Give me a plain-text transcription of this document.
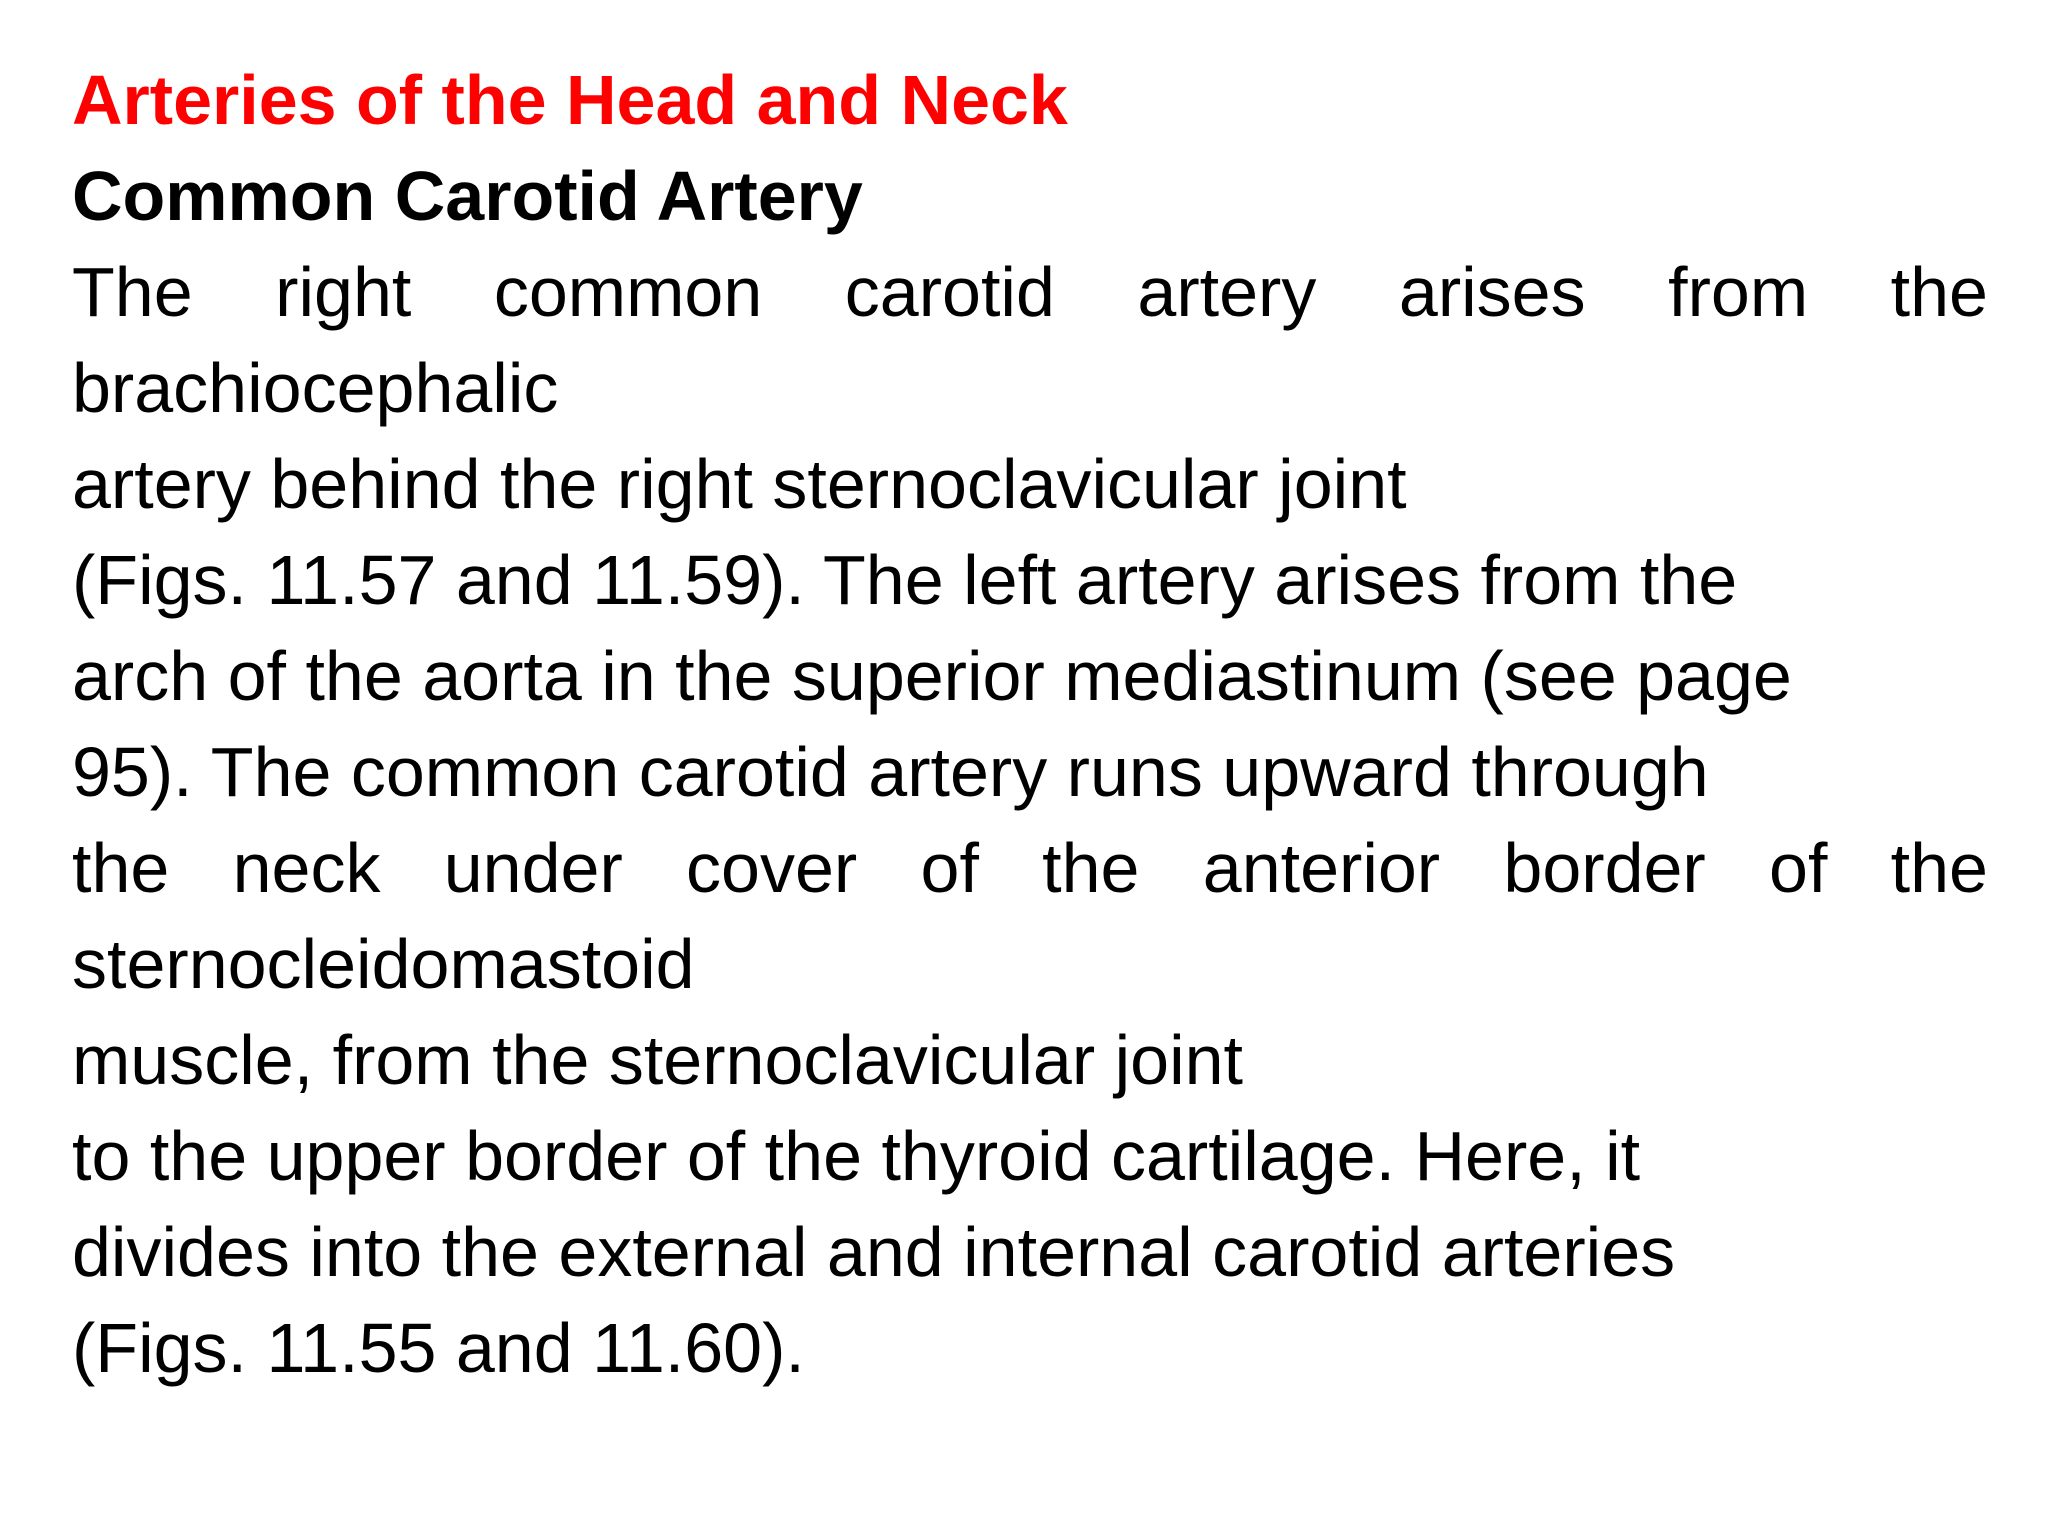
Arteries of the Head and Neck
Common Carotid Artery
The right common carotid artery arises from the
brachiocephalic
artery behind the right sternoclavicular joint
(Figs. 11.57 and 11.59). The left artery arises from the
arch of the aorta in the superior mediastinum (see page
95). The common carotid artery runs upward through
the neck under cover of the anterior border of the
sternocleidomastoid
muscle, from the sternoclavicular joint
to the upper border of the thyroid cartilage. Here, it
divides into the external and internal carotid arteries
(Figs. 11.55 and 11.60).
